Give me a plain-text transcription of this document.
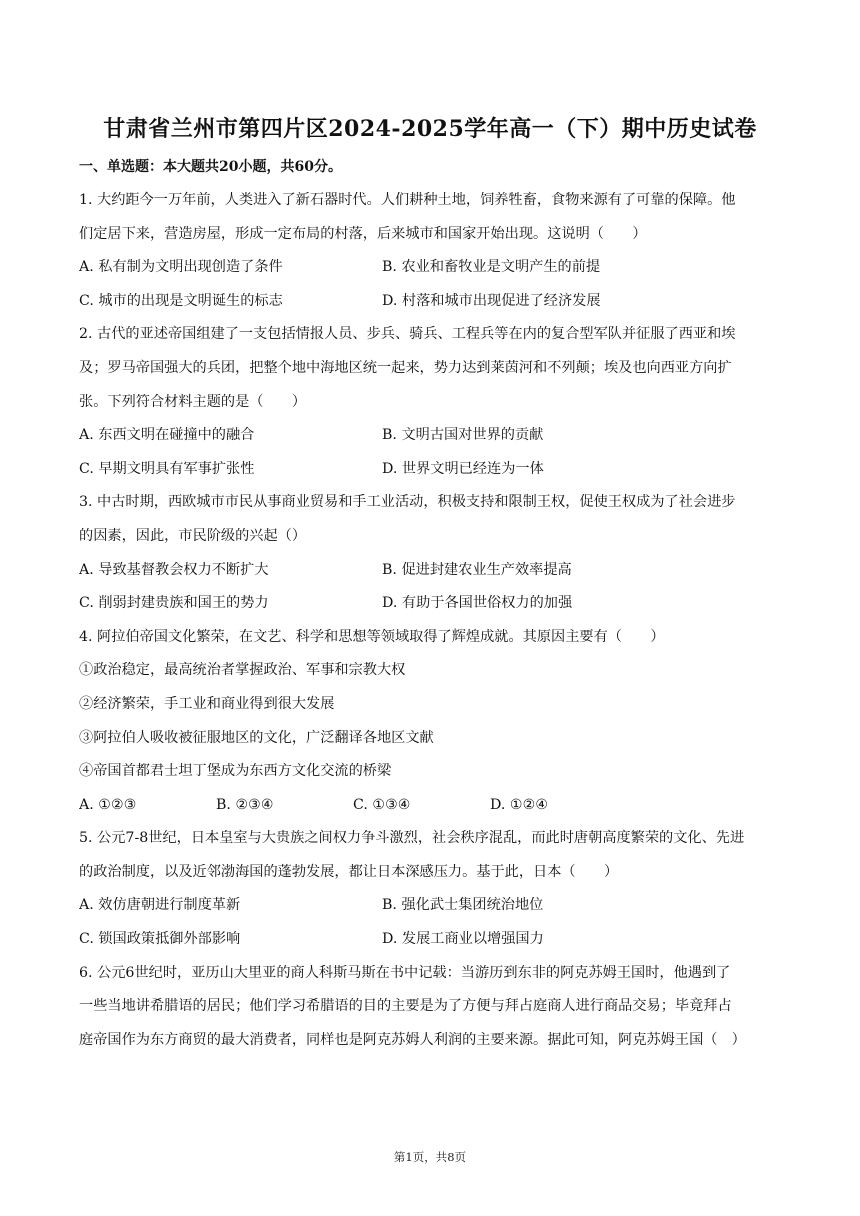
甘肃省兰州市第四片区2024-2025学年高一（下）期中历史试卷
一、单选题：本大题共20小题，共60分。
1. 大约距今一万年前，人类进入了新石器时代。人们耕种土地，饲养牲畜，食物来源有了可靠的保障。他
们定居下来，营造房屋，形成一定布局的村落，后来城市和国家开始出现。这说明（　　）
A. 私有制为文明出现创造了条件	B. 农业和畜牧业是文明产生的前提
C. 城市的出现是文明诞生的标志	D. 村落和城市出现促进了经济发展
2. 古代的亚述帝国组建了一支包括情报人员、步兵、骑兵、工程兵等在内的复合型军队并征服了西亚和埃
及；罗马帝国强大的兵团，把整个地中海地区统一起来，势力达到莱茵河和不列颠；埃及也向西亚方向扩
张。下列符合材料主题的是（　　）
A. 东西文明在碰撞中的融合	B. 文明古国对世界的贡献
C. 早期文明具有军事扩张性	D. 世界文明已经连为一体
3. 中古时期，西欧城市市民从事商业贸易和手工业活动，积极支持和限制王权，促使王权成为了社会进步
的因素，因此，市民阶级的兴起（）
A. 导致基督教会权力不断扩大	B. 促进封建农业生产效率提高
C. 削弱封建贵族和国王的势力	D. 有助于各国世俗权力的加强
4. 阿拉伯帝国文化繁荣，在文艺、科学和思想等领域取得了辉煌成就。其原因主要有（　　）
①政治稳定，最高统治者掌握政治、军事和宗教大权
②经济繁荣，手工业和商业得到很大发展
③阿拉伯人吸收被征服地区的文化，广泛翻译各地区文献
④帝国首都君士坦丁堡成为东西方文化交流的桥梁
A. ①②③	B. ②③④	C. ①③④	D. ①②④
5. 公元7-8世纪，日本皇室与大贵族之间权力争斗激烈，社会秩序混乱，而此时唐朝高度繁荣的文化、先进
的政治制度，以及近邻渤海国的蓬勃发展，都让日本深感压力。基于此，日本（　　）
A. 效仿唐朝进行制度革新	B. 强化武士集团统治地位
C. 锁国政策抵御外部影响	D. 发展工商业以增强国力
6. 公元6世纪时，亚历山大里亚的商人科斯马斯在书中记载：当游历到东非的阿克苏姆王国时，他遇到了
一些当地讲希腊语的居民；他们学习希腊语的目的主要是为了方便与拜占庭商人进行商品交易；毕竟拜占
庭帝国作为东方商贸的最大消费者，同样也是阿克苏姆人利润的主要来源。据此可知，阿克苏姆王国（　）
第1页，共8页
